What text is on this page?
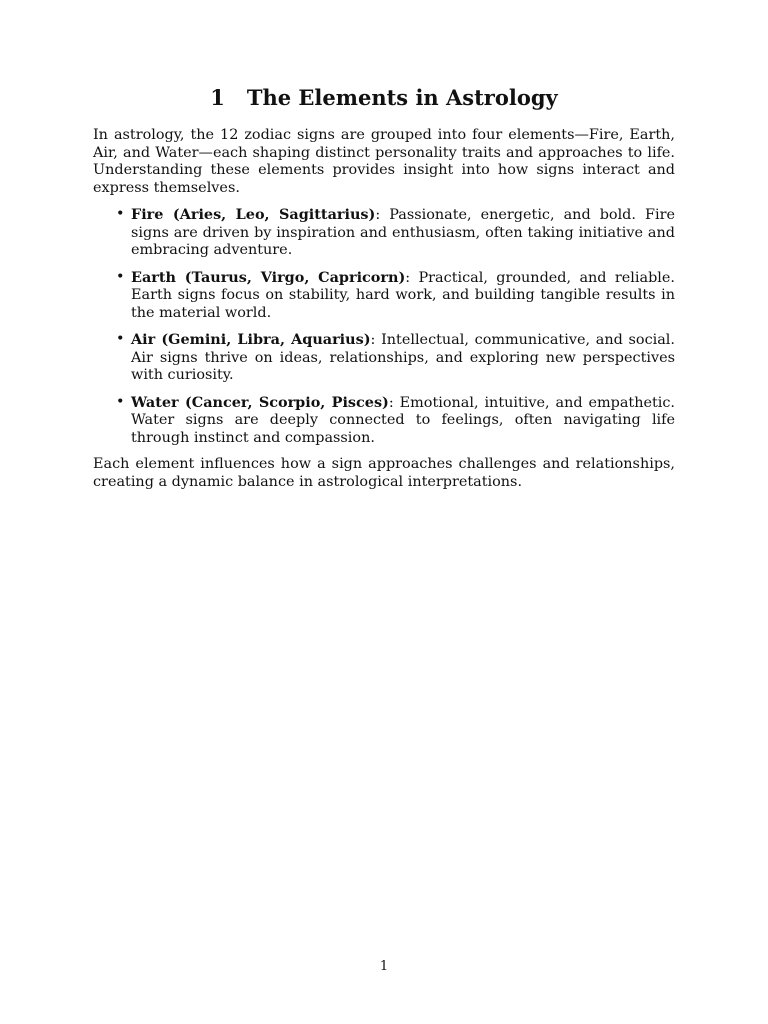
1 The Elements in Astrology

In astrology, the 12 zodiac signs are grouped into four elements—Fire, Earth, Air, and Water—each shaping distinct personality traits and approaches to life. Understanding these elements provides insight into how signs interact and express themselves.

• Fire (Aries, Leo, Sagittarius): Passionate, energetic, and bold. Fire signs are driven by inspiration and enthusiasm, often taking initiative and embracing adventure.
• Earth (Taurus, Virgo, Capricorn): Practical, grounded, and reliable. Earth signs focus on stability, hard work, and building tangible results in the material world.
• Air (Gemini, Libra, Aquarius): Intellectual, communicative, and social. Air signs thrive on ideas, relationships, and exploring new perspectives with curiosity.
• Water (Cancer, Scorpio, Pisces): Emotional, intuitive, and empathetic. Water signs are deeply connected to feelings, often navigating life through instinct and compassion.

Each element influences how a sign approaches challenges and relationships, creating a dynamic balance in astrological interpretations.

1
